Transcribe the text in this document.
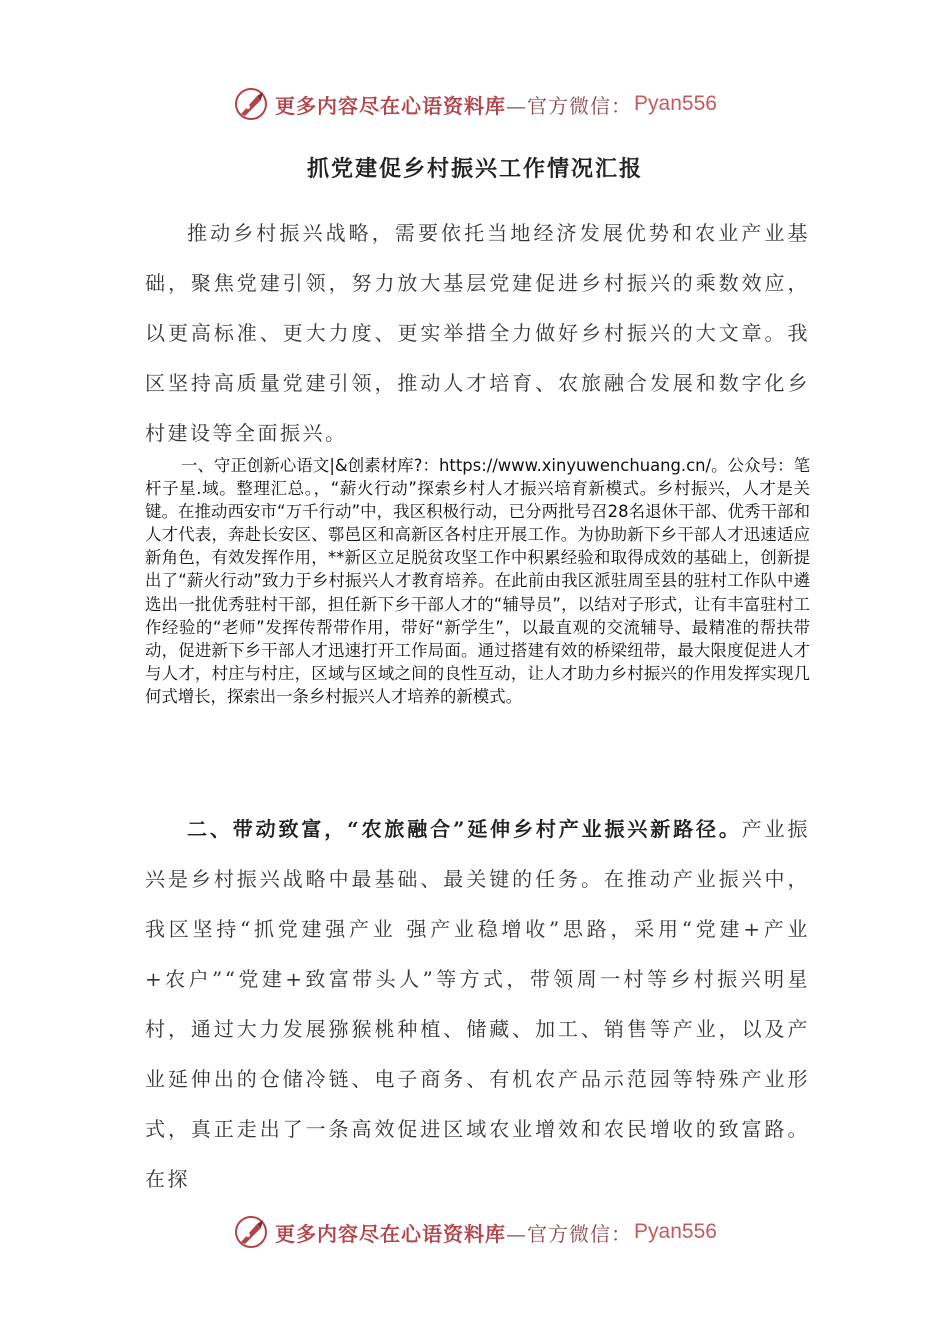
更多内容尽在心语资料库 —官方微信： Pyan556
抓党建促乡村振兴工作情况汇报
推动乡村振兴战略，需要依托当地经济发展优势和农业产业基础，聚焦党建引领，努力放大基层党建促进乡村振兴的乘数效应，以更高标准、更大力度、更实举措全力做好乡村振兴的大文章。我区坚持高质量党建引领，推动人才培育、农旅融合发展和数字化乡村建设等全面振兴。
一、守正创新心语文|&创素材库?：https://www.xinyuwenchuang.cn/。公众号：笔杆子星.域。整理汇总。，“薪火行动”探索乡村人才振兴培育新模式。乡村振兴，人才是关键。在推动西安市“万千行动”中，我区积极行动，已分两批号召28名退休干部、优秀干部和人才代表，奔赴长安区、鄠邑区和高新区各村庄开展工作。为协助新下乡干部人才迅速适应新角色，有效发挥作用，**新区立足脱贫攻坚工作中积累经验和取得成效的基础上，创新提出了“薪火行动”致力于乡村振兴人才教育培养。在此前由我区派驻周至县的驻村工作队中遴选出一批优秀驻村干部，担任新下乡干部人才的“辅导员”，以结对子形式，让有丰富驻村工作经验的“老师”发挥传帮带作用，带好“新学生”，以最直观的交流辅导、最精准的帮扶带动，促进新下乡干部人才迅速打开工作局面。通过搭建有效的桥梁纽带，最大限度促进人才与人才，村庄与村庄，区域与区域之间的良性互动，让人才助力乡村振兴的作用发挥实现几何式增长，探索出一条乡村振兴人才培养的新模式。
二、带动致富，“农旅融合”延伸乡村产业振兴新路径。产业振兴是乡村振兴战略中最基础、最关键的任务。在推动产业振兴中，我区坚持“抓党建强产业 强产业稳增收”思路，采用“党建+产业+农户”“党建+致富带头人”等方式，带领周一村等乡村振兴明星村，通过大力发展猕猴桃种植、储藏、加工、销售等产业，以及产业延伸出的仓储冷链、电子商务、有机农产品示范园等特殊产业形式，真正走出了一条高效促进区域农业增效和农民增收的致富路。在探
更多内容尽在心语资料库 —官方微信： Pyan556
